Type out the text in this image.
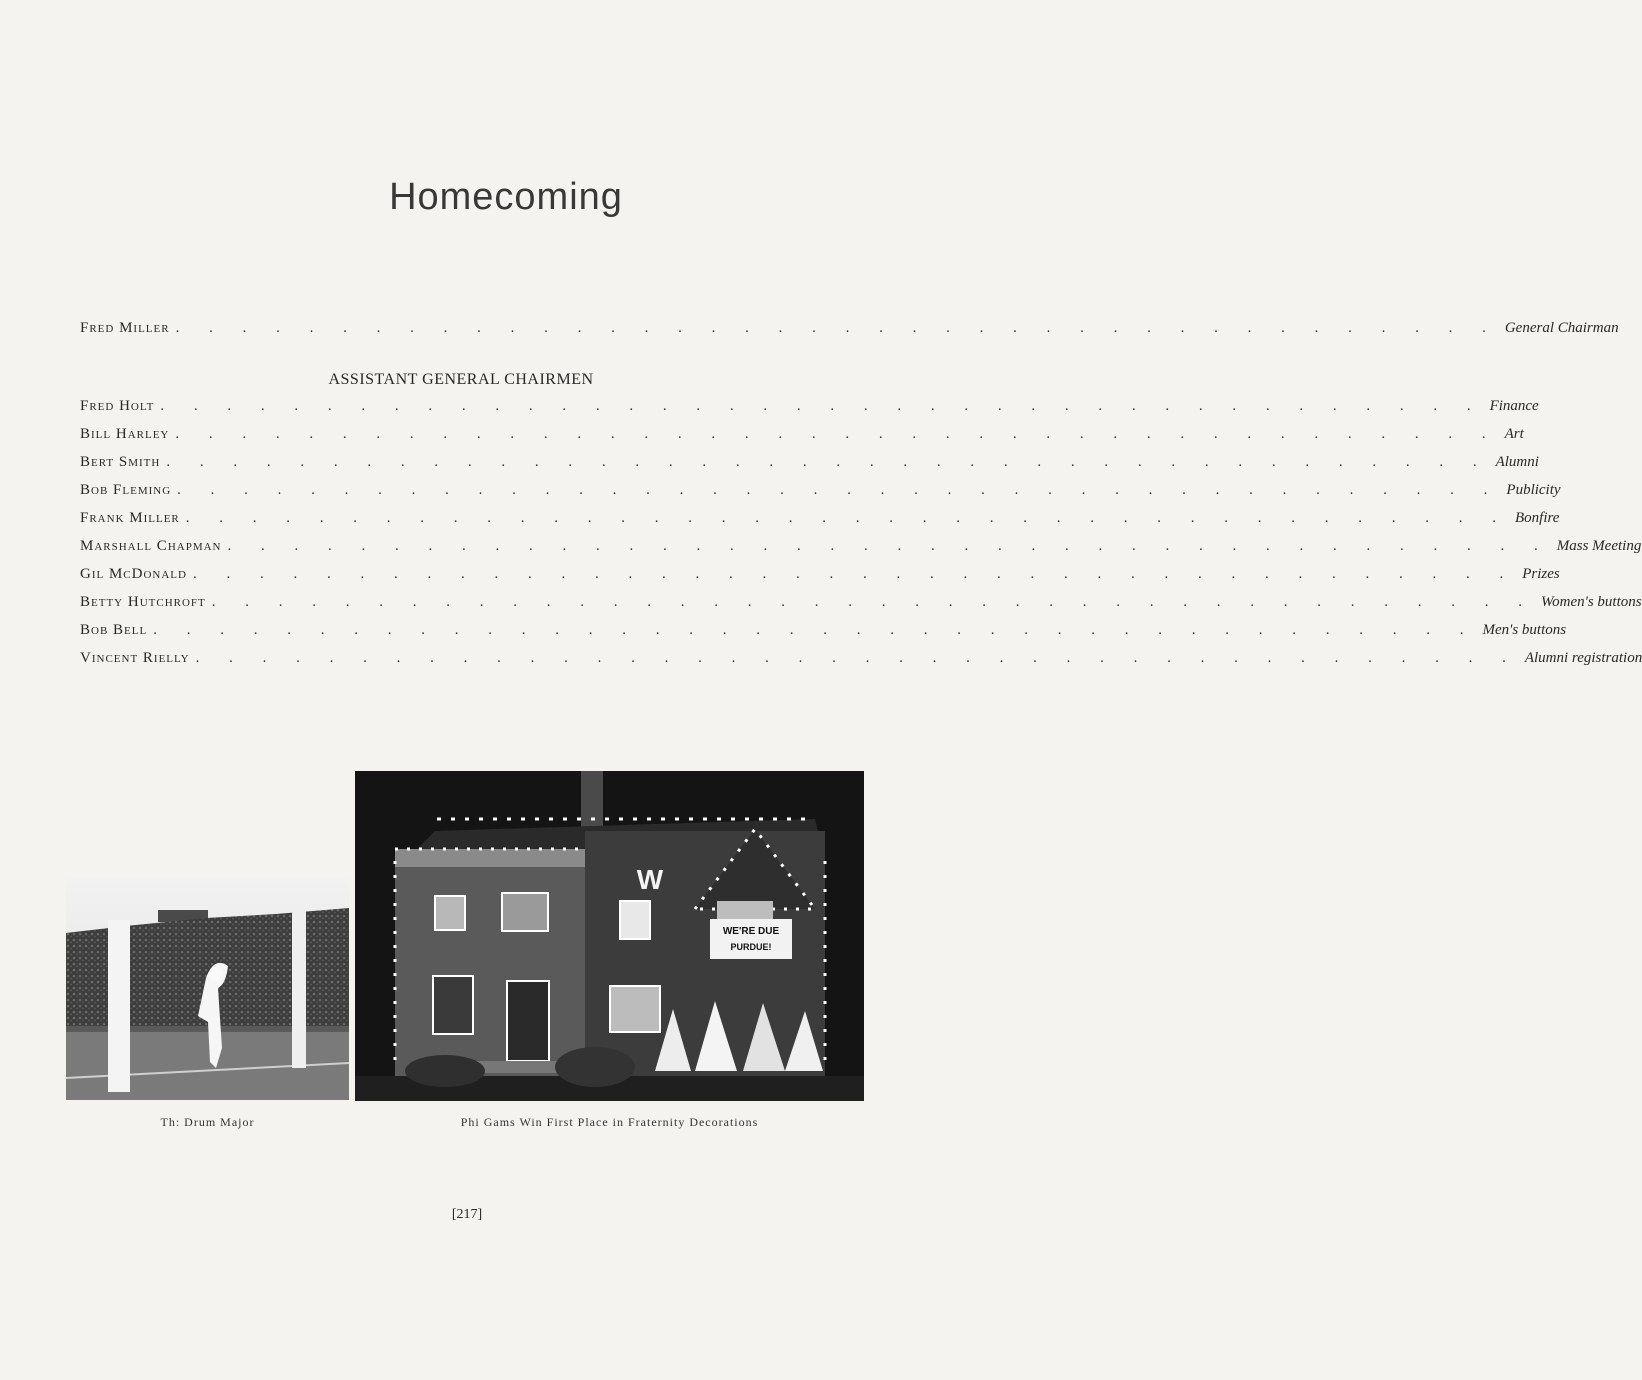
Homecoming
Fred Miller . . . . . . . . . . . . . . . . . . . . . . . . . . . . . . . . . . . . . . . . General Chairman
ASSISTANT GENERAL CHAIRMEN
Fred Holt . . . . . . . . . . . . . . . . . . . . . . . . . . . . . . . . . . . . . . . . Finance
Bill Harley . . . . . . . . . . . . . . . . . . . . . . . . . . . . . . . . . . . . . . . . Art
Bert Smith . . . . . . . . . . . . . . . . . . . . . . . . . . . . . . . . . . . . . . . . Alumni
Bob Fleming . . . . . . . . . . . . . . . . . . . . . . . . . . . . . . . . . . . . . . . . Publicity
Frank Miller . . . . . . . . . . . . . . . . . . . . . . . . . . . . . . . . . . . . . . . . Bonfire
Marshall Chapman . . . . . . . . . . . . . . . . . . . . . . . . . . . . . . . . . . . . . . . . Mass Meeting
Gil McDonald . . . . . . . . . . . . . . . . . . . . . . . . . . . . . . . . . . . . . . . . Prizes
Betty Hutchroft . . . . . . . . . . . . . . . . . . . . . . . . . . . . . . . . . . . . . . . . Women's buttons
Bob Bell . . . . . . . . . . . . . . . . . . . . . . . . . . . . . . . . . . . . . . . . Men's buttons
Vincent Rielly . . . . . . . . . . . . . . . . . . . . . . . . . . . . . . . . . . . . . . . . Alumni registration
WE'RE DUE
PURDUE!
W
Th: Drum Major	Phi Gams Win First Place in Fraternity Decorations
[217]
